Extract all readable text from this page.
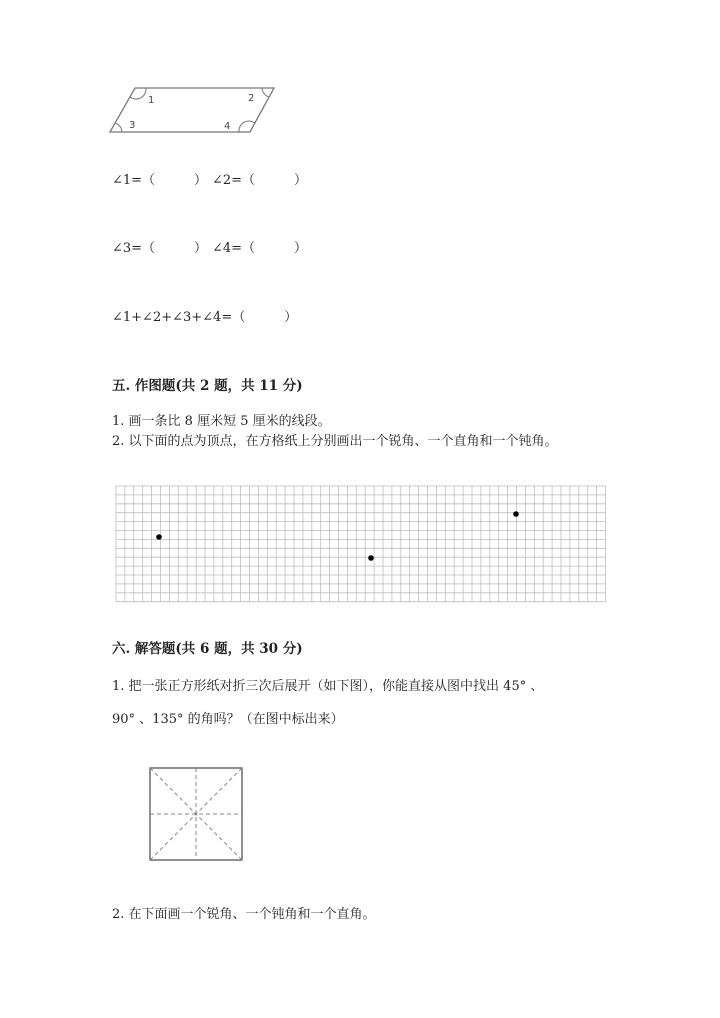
1	2
3	4
∠1=（　　　） ∠2=（　　　）
∠3=（　　　） ∠4=（　　　）
∠1+∠2+∠3+∠4=（　　　）
五. 作图题(共 2 题，共 11 分)
1. 画一条比 8 厘米短 5 厘米的线段。
2. 以下面的点为顶点，在方格纸上分别画出一个锐角、一个直角和一个钝角。
六. 解答题(共 6 题，共 30 分)
1. 把一张正方形纸对折三次后展开（如下图），你能直接从图中找出 45° 、
90° 、135° 的角吗？（在图中标出来）
2. 在下面画一个锐角、一个钝角和一个直角。
